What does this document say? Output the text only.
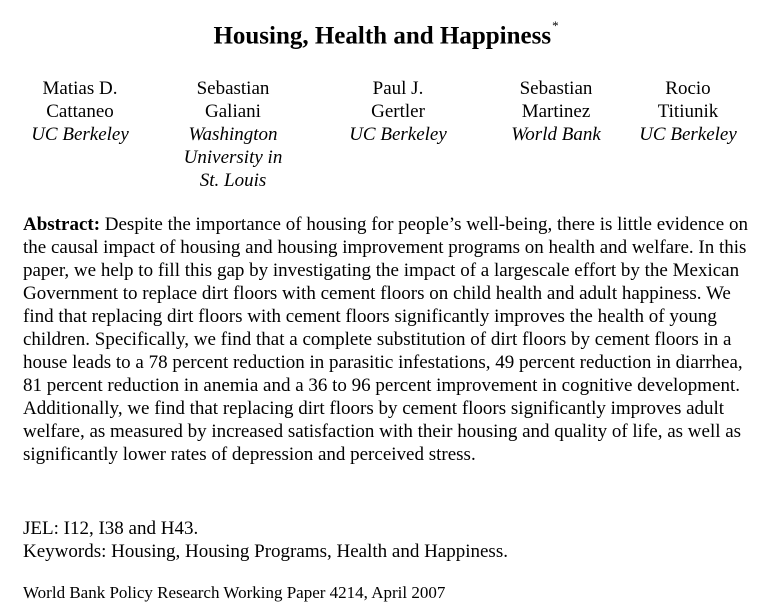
Housing, Health and Happiness*
Matias D.
Cattaneo
UC Berkeley
Sebastian
Galiani
Washington University in St. Louis
Paul J.
Gertler
UC Berkeley
Sebastian
Martinez
World Bank
Rocio
Titiunik
UC Berkeley
Abstract: Despite the importance of housing for people’s well-being, there is little evidence on the causal impact of housing and housing improvement programs on health and welfare. In this paper, we help to fill this gap by investigating the impact of a largescale effort by the Mexican Government to replace dirt floors with cement floors on child health and adult happiness. We find that replacing dirt floors with cement floors significantly improves the health of young children. Specifically, we find that a complete substitution of dirt floors by cement floors in a house leads to a 78 percent reduction in parasitic infestations, 49 percent reduction in diarrhea, 81 percent reduction in anemia and a 36 to 96 percent improvement in cognitive development. Additionally, we find that replacing dirt floors by cement floors significantly improves adult welfare, as measured by increased satisfaction with their housing and quality of life, as well as significantly lower rates of depression and perceived stress.
JEL: I12, I38 and H43.
Keywords: Housing, Housing Programs, Health and Happiness.
World Bank Policy Research Working Paper 4214, April 2007
